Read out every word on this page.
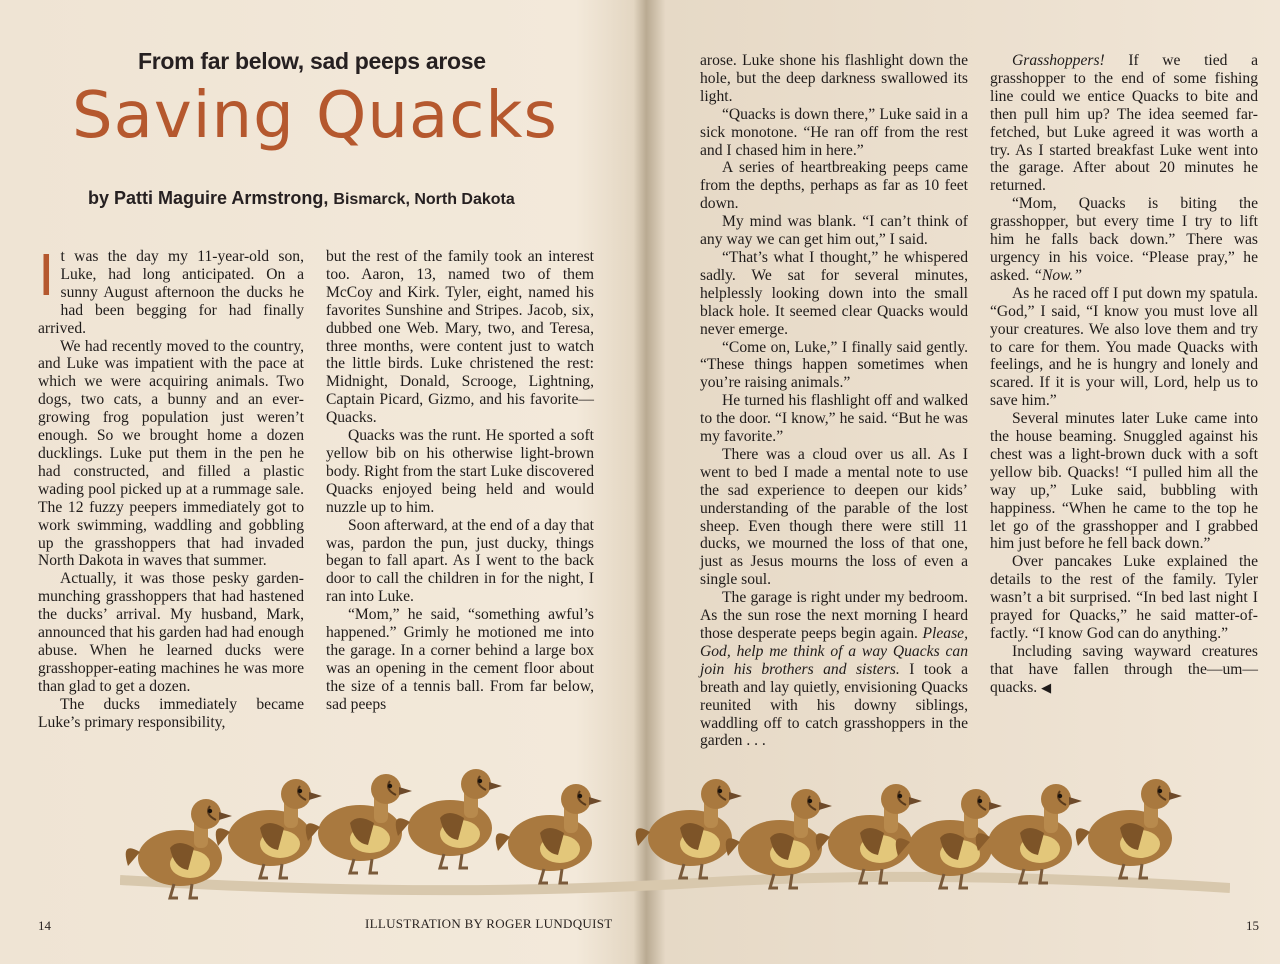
From far below, sad peeps arose
Saving Quacks
by Patti Maguire Armstrong, Bismarck, North Dakota

It was the day my 11-year-old son, Luke, had long anticipated. On a sunny August afternoon the ducks he had been begging for had finally arrived.

We had recently moved to the country, and Luke was impatient with the pace at which we were acquiring animals. Two dogs, two cats, a bunny and an ever-growing frog population just weren’t enough. So we brought home a dozen ducklings. Luke put them in the pen he had constructed, and filled a plastic wading pool picked up at a rummage sale. The 12 fuzzy peepers immediately got to work swimming, waddling and gobbling up the grasshoppers that had invaded North Dakota in waves that summer.

Actually, it was those pesky garden-munching grasshoppers that had hastened the ducks’ arrival. My husband, Mark, announced that his garden had had enough abuse. When he learned ducks were grasshopper-eating machines he was more than glad to get a dozen.

The ducks immediately became Luke’s primary responsibility,

but the rest of the family took an interest too. Aaron, 13, named two of them McCoy and Kirk. Tyler, eight, named his favorites Sunshine and Stripes. Jacob, six, dubbed one Web. Mary, two, and Teresa, three months, were content just to watch the little birds. Luke christened the rest: Midnight, Donald, Scrooge, Lightning, Captain Picard, Gizmo, and his favorite—Quacks.

Quacks was the runt. He sported a soft yellow bib on his otherwise light-brown body. Right from the start Luke discovered Quacks enjoyed being held and would nuzzle up to him.

Soon afterward, at the end of a day that was, pardon the pun, just ducky, things began to fall apart. As I went to the back door to call the children in for the night, I ran into Luke.

“Mom,” he said, “something awful’s happened.” Grimly he motioned me into the garage. In a corner behind a large box was an opening in the cement floor about the size of a tennis ball. From far below, sad peeps

14	ILLUSTRATION BY ROGER LUNDQUIST	15

arose. Luke shone his flashlight down the hole, but the deep darkness swallowed its light.

“Quacks is down there,” Luke said in a sick monotone. “He ran off from the rest and I chased him in here.”

A series of heartbreaking peeps came from the depths, perhaps as far as 10 feet down.

My mind was blank. “I can’t think of any way we can get him out,” I said.

“That’s what I thought,” he whispered sadly. We sat for several minutes, helplessly looking down into the small black hole. It seemed clear Quacks would never emerge.

“Come on, Luke,” I finally said gently. “These things happen sometimes when you’re raising animals.”

He turned his flashlight off and walked to the door. “I know,” he said. “But he was my favorite.”

There was a cloud over us all. As I went to bed I made a mental note to use the sad experience to deepen our kids’ understanding of the parable of the lost sheep. Even though there were still 11 ducks, we mourned the loss of that one, just as Jesus mourns the loss of even a single soul.

The garage is right under my bedroom. As the sun rose the next morning I heard those desperate peeps begin again. Please, God, help me think of a way Quacks can join his brothers and sisters. I took a breath and lay quietly, envisioning Quacks reunited with his downy siblings, waddling off to catch grasshoppers in the garden . . .

Grasshoppers! If we tied a grasshopper to the end of some fishing line could we entice Quacks to bite and then pull him up? The idea seemed far-fetched, but Luke agreed it was worth a try. As I started breakfast Luke went into the garage. After about 20 minutes he returned.

“Mom, Quacks is biting the grasshopper, but every time I try to lift him he falls back down.” There was urgency in his voice. “Please pray,” he asked. “Now.”

As he raced off I put down my spatula. “God,” I said, “I know you must love all your creatures. We also love them and try to care for them. You made Quacks with feelings, and he is hungry and lonely and scared. If it is your will, Lord, help us to save him.”

Several minutes later Luke came into the house beaming. Snuggled against his chest was a light-brown duck with a soft yellow bib. Quacks! “I pulled him all the way up,” Luke said, bubbling with happiness. “When he came to the top he let go of the grasshopper and I grabbed him just before he fell back down.”

Over pancakes Luke explained the details to the rest of the family. Tyler wasn’t a bit surprised. “In bed last night I prayed for Quacks,” he said matter-of-factly. “I know God can do anything.”

Including saving wayward creatures that have fallen through the—um—quacks. ◀
